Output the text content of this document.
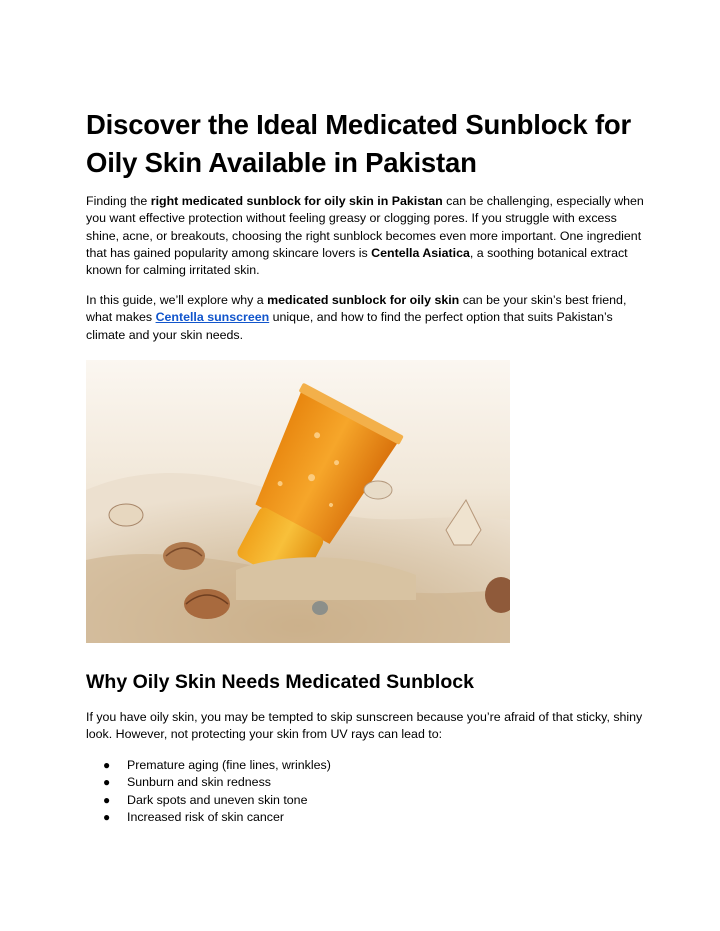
Discover the Ideal Medicated Sunblock for Oily Skin Available in Pakistan

Finding the right medicated sunblock for oily skin in Pakistan can be challenging, especially when you want effective protection without feeling greasy or clogging pores. If you struggle with excess shine, acne, or breakouts, choosing the right sunblock becomes even more important. One ingredient that has gained popularity among skincare lovers is Centella Asiatica, a soothing botanical extract known for calming irritated skin.

In this guide, we’ll explore why a medicated sunblock for oily skin can be your skin’s best friend, what makes Centella sunscreen unique, and how to find the perfect option that suits Pakistan’s climate and your skin needs.

Why Oily Skin Needs Medicated Sunblock

If you have oily skin, you may be tempted to skip sunscreen because you’re afraid of that sticky, shiny look. However, not protecting your skin from UV rays can lead to:

● Premature aging (fine lines, wrinkles)
● Sunburn and skin redness
● Dark spots and uneven skin tone
● Increased risk of skin cancer
